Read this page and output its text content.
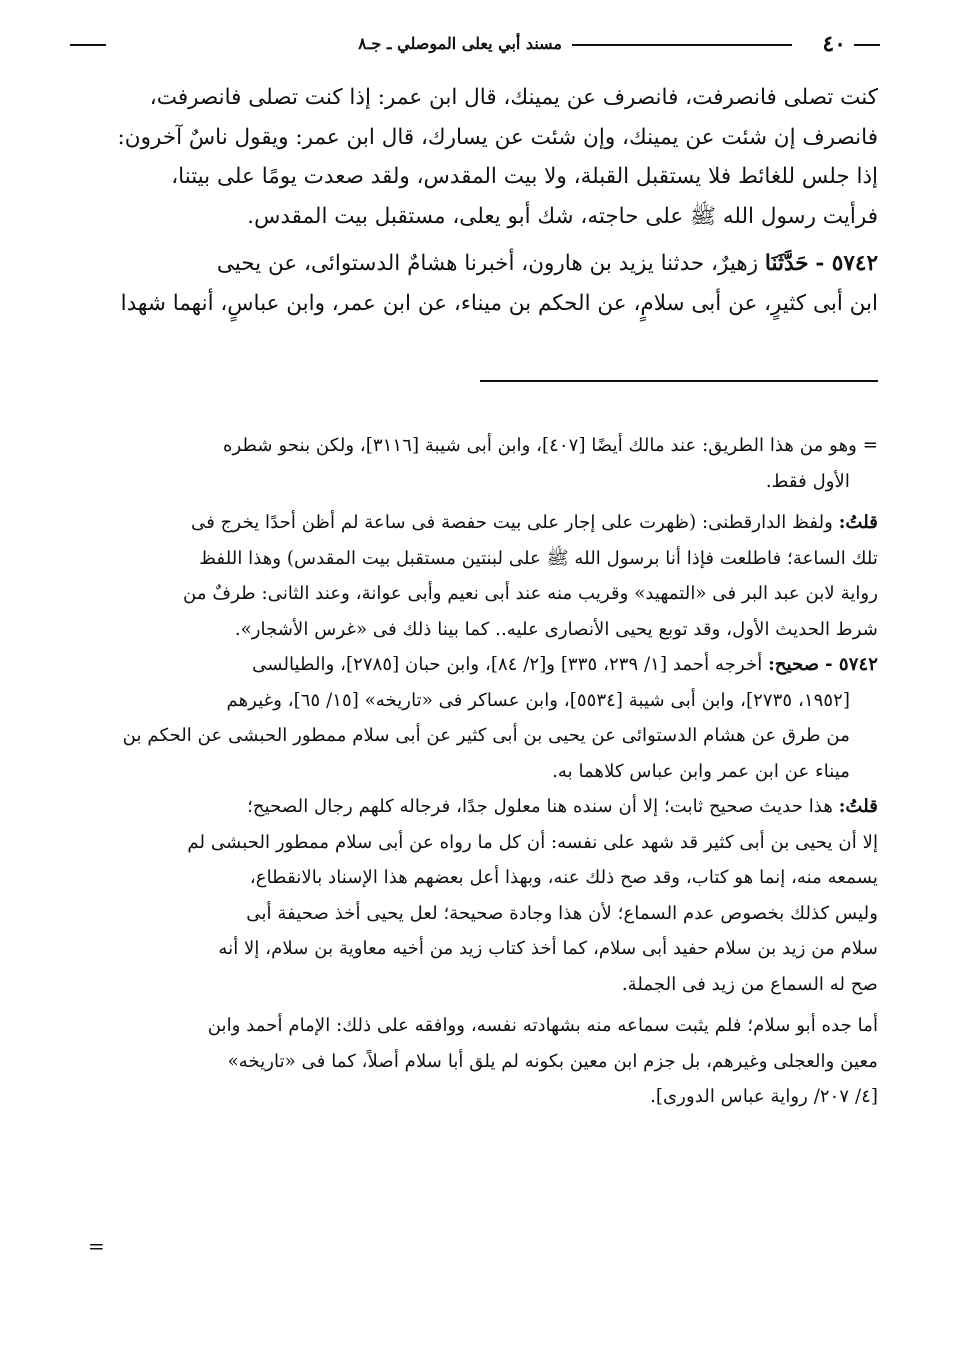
٤٠
مسند أبي يعلى الموصلي ـ جـ٨

كنت تصلى فانصرفت، فانصرف عن يمينك، قال ابن عمر: إذا كنت تصلى فانصرفت،

فانصرف إن شئت عن يمينك، وإن شئت عن يسارك، قال ابن عمر: ويقول ناسٌ آخرون:

إذا جلس للغائط فلا يستقبل القبلة، ولا بيت المقدس، ولقد صعدت يومًا على بيتنا،

فرأيت رسول الله ﷺ على حاجته، شك أبو يعلى، مستقبل بيت المقدس.

٥٧٤٢ - حَدَّثَنَا زهيرٌ، حدثنا يزيد بن هارون، أخبرنا هشامٌ الدستوائى، عن يحيى

ابن أبى كثيرٍ، عن أبى سلامٍ، عن الحكم بن ميناء، عن ابن عمر، وابن عباسٍ، أنهما شهدا

= وهو من هذا الطريق: عند مالك أيضًا [٤٠٧]، وابن أبى شيبة [٣١١٦]، ولكن بنحو شطره

الأول فقط.

قلتُ: ولفظ الدارقطنى: (ظهرت على إجار على بيت حفصة فى ساعة لم أظن أحدًا يخرج فى

تلك الساعة؛ فاطلعت فإذا أنا برسول الله ﷺ على لبنتين مستقبل بيت المقدس) وهذا اللفظ

رواية لابن عبد البر فى «التمهيد» وقريب منه عند أبى نعيم وأبى عوانة، وعند الثانى: طرفٌ من

شرط الحديث الأول، وقد توبع يحيى الأنصارى عليه.. كما بينا ذلك فى «غرس الأشجار».

٥٧٤٢ - صحيح: أخرجه أحمد [١/ ٢٣٩، ٣٣٥] و[٢/ ٨٤]، وابن حبان [٢٧٨٥]، والطيالسى

[١٩٥٢، ٢٧٣٥]، وابن أبى شيبة [٥٥٣٤]، وابن عساكر فى «تاريخه» [١٥/ ٦٥]، وغيرهم

من طرق عن هشام الدستوائى عن يحيى بن أبى كثير عن أبى سلام ممطور الحبشى عن الحكم بن

ميناء عن ابن عمر وابن عباس كلاهما به.

قلتُ: هذا حديث صحيح ثابت؛ إلا أن سنده هنا معلول جدًا، فرجاله كلهم رجال الصحيح؛

إلا أن يحيى بن أبى كثير قد شهد على نفسه: أن كل ما رواه عن أبى سلام ممطور الحبشى لم

يسمعه منه، إنما هو كتاب، وقد صح ذلك عنه، وبهذا أعل بعضهم هذا الإسناد بالانقطاع،

وليس كذلك بخصوص عدم السماع؛ لأن هذا وجادة صحيحة؛ لعل يحيى أخذ صحيفة أبى

سلام من زيد بن سلام حفيد أبى سلام، كما أخذ كتاب زيد من أخيه معاوية بن سلام، إلا أنه

صح له السماع من زيد فى الجملة.

أما جده أبو سلام؛ فلم يثبت سماعه منه بشهادته نفسه، ووافقه على ذلك: الإمام أحمد وابن

معين والعجلى وغيرهم، بل جزم ابن معين بكونه لم يلق أبا سلام أصلاً، كما فى «تاريخه»

[٤/ ٢٠٧/ رواية عباس الدورى].

=
